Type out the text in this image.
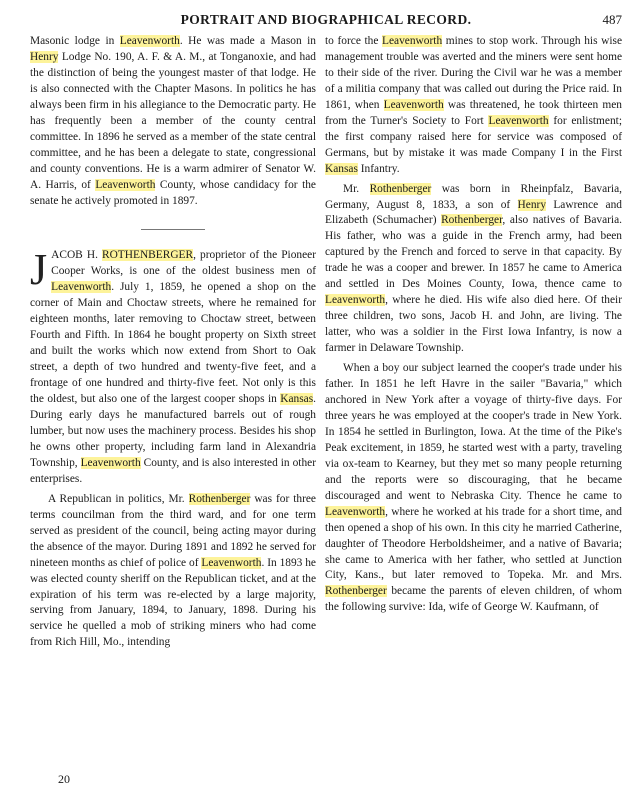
PORTRAIT AND BIOGRAPHICAL RECORD.	487

Masonic lodge in Leavenworth. He was made a Mason in Henry Lodge No. 190, A. F. & A. M., at Tonganoxie, and had the distinction of being the youngest master of that lodge. He is also connected with the Chapter Masons. In politics he has always been firm in his allegiance to the Democratic party. He has frequently been a member of the county central committee. In 1896 he served as a member of the state central committee, and he has been a delegate to state, congressional and county conventions. He is a warm admirer of Senator W. A. Harris, of Leavenworth County, whose candidacy for the senate he actively promoted in 1897.

JACOB H. ROTHENBERGER, proprietor of the Pioneer Cooper Works, is one of the oldest business men of Leavenworth. July 1, 1859, he opened a shop on the corner of Main and Choctaw streets, where he remained for eighteen months, later removing to Choctaw street, between Fourth and Fifth. In 1864 he bought property on Sixth street and built the works which now extend from Short to Oak street, a depth of two hundred and twenty-five feet, and a frontage of one hundred and thirty-five feet. Not only is this the oldest, but also one of the largest cooper shops in Kansas. During early days he manufactured barrels out of rough lumber, but now uses the machinery process. Besides his shop he owns other property, including farm land in Alexandria Township, Leavenworth County, and is also interested in other enterprises.

A Republican in politics, Mr. Rothenberger was for three terms councilman from the third ward, and for one term served as president of the council, being acting mayor during the absence of the mayor. During 1891 and 1892 he served for nineteen months as chief of police of Leavenworth. In 1893 he was elected county sheriff on the Republican ticket, and at the expiration of his term was re-elected by a large majority, serving from January, 1894, to January, 1898. During his service he quelled a mob of striking miners who had come from Rich Hill, Mo., intending

to force the Leavenworth mines to stop work. Through his wise management trouble was averted and the miners were sent home to their side of the river. During the Civil war he was a member of a militia company that was called out during the Price raid. In 1861, when Leavenworth was threatened, he took thirteen men from the Turner's Society to Fort Leavenworth for enlistment; the first company raised here for service was composed of Germans, but by mistake it was made Company I in the First Kansas Infantry.

Mr. Rothenberger was born in Rheinpfalz, Bavaria, Germany, August 8, 1833, a son of Henry Lawrence and Elizabeth (Schumacher) Rothenberger, also natives of Bavaria. His father, who was a guide in the French army, had been captured by the French and forced to serve in that capacity. By trade he was a cooper and brewer. In 1857 he came to America and settled in Des Moines County, Iowa, thence came to Leavenworth, where he died. His wife also died here. Of their three children, two sons, Jacob H. and John, are living. The latter, who was a soldier in the First Iowa Infantry, is now a farmer in Delaware Township.

When a boy our subject learned the cooper's trade under his father. In 1851 he left Havre in the sailer "Bavaria," which anchored in New York after a voyage of thirty-five days. For three years he was employed at the cooper's trade in New York. In 1854 he settled in Burlington, Iowa. At the time of the Pike's Peak excitement, in 1859, he started west with a party, traveling via ox-team to Kearney, but they met so many people returning and the reports were so discouraging, that he became discouraged and went to Nebraska City. Thence he came to Leavenworth, where he worked at his trade for a short time, and then opened a shop of his own. In this city he married Catherine, daughter of Theodore Herboldsheimer, and a native of Bavaria; she came to America with her father, who settled at Junction City, Kans., but later removed to Topeka. Mr. and Mrs. Rothenberger became the parents of eleven children, of whom the following survive: Ida, wife of George W. Kaufmann, of

20
